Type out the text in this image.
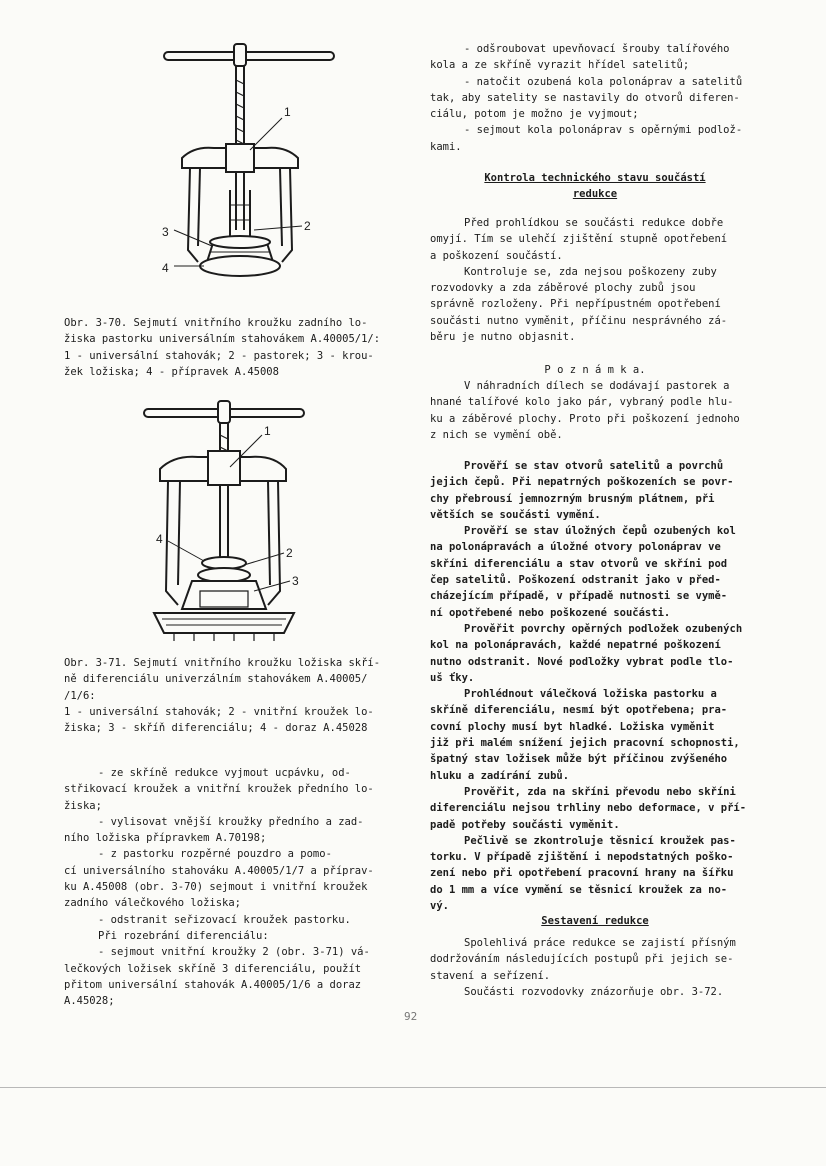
1
2
3
4

Obr. 3-70. Sejmutí vnitřního kroužku zadního lo-

žiska pastorku universálním stahovákem A.40005/1/:

1 - universální stahovák; 2 - pastorek; 3 - krou-

žek ložiska; 4 - přípravek A.45008

1
2
3
4

Obr. 3-71. Sejmutí vnitřního kroužku ložiska skří-

ně diferenciálu univerzálním stahovákem A.40005/

/1/6:

1 - universální stahovák; 2 - vnitřní kroužek lo-

žiska; 3 - skříň diferenciálu; 4 - doraz A.45028

- ze skříně redukce vyjmout ucpávku, od-
střikovací kroužek a vnitřní kroužek předního lo-
žiska;

- vylisovat vnější kroužky předního a zad-
ního ložiska přípravkem A.70198;

- z pastorku rozpěrné pouzdro a pomo-
cí universálního stahováku A.40005/1/7 a příprav-
ku A.45008 (obr. 3-70) sejmout i vnitřní kroužek
zadního válečkového ložiska;

- odstranit seřizovací kroužek pastorku.

Při rozebrání diferenciálu:

- sejmout vnitřní kroužky 2 (obr. 3-71) vá-
lečkových ložisek skříně 3 diferenciálu, použít
přitom universální stahovák A.40005/1/6 a doraz
A.45028;

- odšroubovat upevňovací šrouby talířového
kola a ze skříně vyrazit hřídel satelitů;

- natočit ozubená kola polonáprav a satelitů
tak, aby satelity se nastavily do otvorů diferen-
ciálu, potom je možno je vyjmout;

- sejmout kola polonáprav s opěrnými podlož-
kami.

Kontrola technického stavu součástí
redukce

Před prohlídkou se součásti redukce dobře
omyjí. Tím se ulehčí zjištění stupně opotřebení
a poškození součástí.

Kontroluje se, zda nejsou poškozeny zuby
rozvodovky a zda záběrové plochy zubů jsou
správně rozloženy. Při nepřípustném opotřebení
součásti nutno vyměnit, příčinu nesprávného zá-
běru je nutno objasnit.

P o z n á m k a.

V náhradních dílech se dodávají pastorek a
hnané talířové kolo jako pár, vybraný podle hlu-
ku a záběrové plochy. Proto při poškození jednoho
z nich se vymění obě.

Prověří se stav otvorů satelitů a povrchů
jejich čepů. Při nepatrných poškozeních se povr-
chy přebrousí jemnozrným brusným plátnem, při
větších se součásti vymění.

Prověří se stav úložných čepů ozubených kol
na polonápravách a úložné otvory polonáprav ve
skříni diferenciálu a stav otvorů ve skříni pod
čep satelitů. Poškození odstranit jako v před-
cházejícím případě, v případě nutnosti se vymě-
ní opotřebené nebo poškozené součásti.

Prověřit povrchy opěrných podložek ozubených
kol na polonápravách, každé nepatrné poškození
nutno odstranit. Nové podložky vybrat podle tlo-
uš ťky.

Prohlédnout válečková ložiska pastorku a
skříně diferenciálu, nesmí být opotřebena; pra-
covní plochy musí byt hladké. Ložiska vyměnit
již při malém snížení jejich pracovní schopnosti,
špatný stav ložisek může být příčinou zvýšeného
hluku a zadírání zubů.

Prověřit, zda na skříni převodu nebo skříni
diferenciálu nejsou trhliny nebo deformace, v pří-
padě potřeby součásti vyměnit.

Pečlivě se zkontroluje těsnicí kroužek pas-
torku. V případě zjištění i nepodstatných poško-
zení nebo při opotřebení pracovní hrany na šířku
do 1 mm a více vymění se těsnicí kroužek za no-
vý.

Sestavení redukce

Spolehlivá práce redukce se zajistí přísným
dodržováním následujících postupů při jejich se-
stavení a seřízení.

Součásti rozvodovky znázorňuje obr. 3-72.

92
